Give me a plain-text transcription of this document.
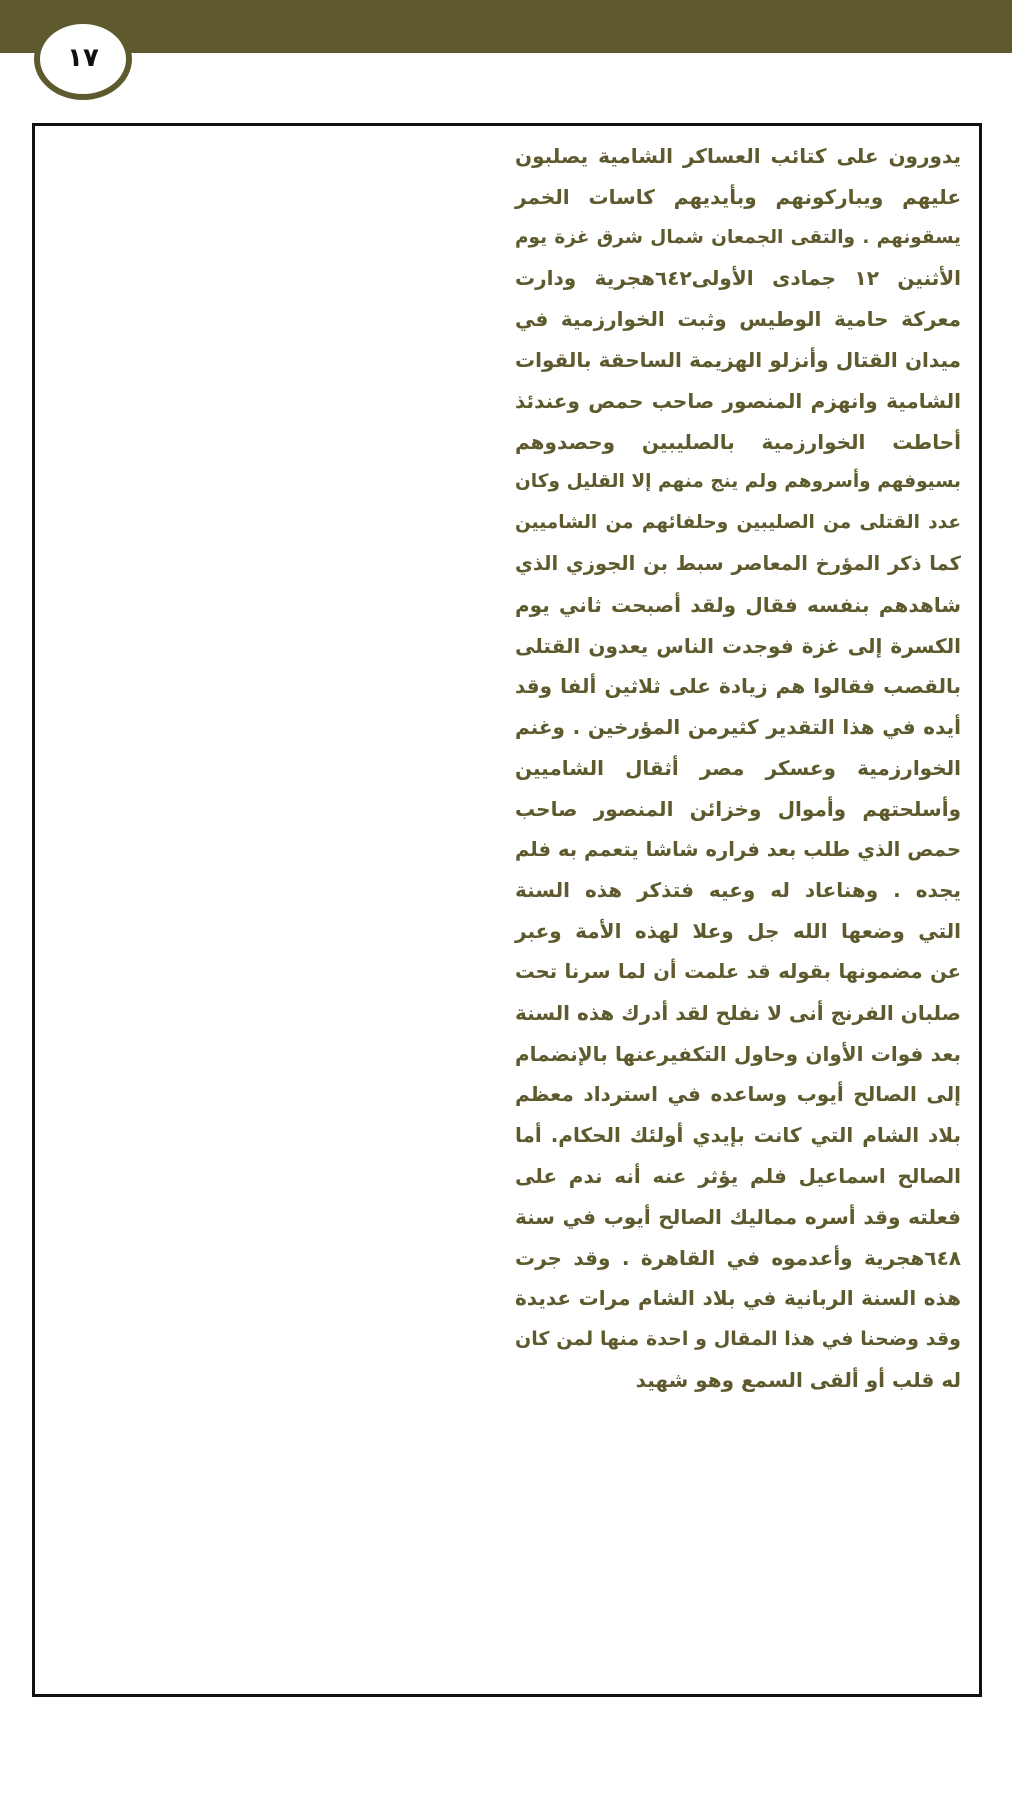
١٧
يدورون على كتائب العساكر الشامية يصلبون
عليهم ويباركونهم وبأيديهم كاسات الخمر
يسقونهم . والتقى الجمعان شمال شرق غزة يوم
الأثنين ١٢ جمادى الأولى٦٤٢هجرية ودارت
معركة حامية الوطيس وثبت الخوارزمية في
ميدان القتال وأنزلو الهزيمة الساحقة بالقوات
الشامية وانهزم المنصور صاحب حمص وعندئذ
أحاطت الخوارزمية بالصليبين وحصدوهم
بسيوفهم وأسروهم ولم ينج منهم إلا القليل وكان
عدد القتلى من الصليبين وحلفائهم من الشاميين
كما ذكر المؤرخ المعاصر سبط بن الجوزي الذي
شاهدهم بنفسه فقال ولقد أصبحت ثاني يوم
الكسرة إلى غزة فوجدت الناس يعدون القتلى
بالقصب فقالوا هم زيادة على ثلاثين ألفا وقد
أيده في هذا التقدير كثيرمن المؤرخين . وغنم
الخوارزمية وعسكر مصر أثقال الشاميين
وأسلحتهم وأموال وخزائن المنصور صاحب
حمص الذي طلب بعد فراره شاشا يتعمم به فلم
يجده . وهناعاد له وعيه فتذكر هذه السنة
التي وضعها الله جل وعلا لهذه الأمة وعبر
عن مضمونها بقوله قد علمت أن لما سرنا تحت
صلبان الفرنج أنى لا نفلح لقد أدرك هذه السنة
بعد فوات الأوان وحاول التكفيرعنها بالإنضمام
إلى الصالح أيوب وساعده في استرداد معظم
بلاد الشام التي كانت بإيدي أولئك الحكام. أما
الصالح اسماعيل فلم يؤثر عنه أنه ندم على
فعلته وقد أسره مماليك الصالح أيوب في سنة
٦٤٨هجرية وأعدموه في القاهرة . وقد جرت
هذه السنة الربانية في بلاد الشام مرات عديدة
وقد وضحنا في هذا المقال و احدة منها لمن كان
له قلب أو ألقى السمع وهو شهيد
